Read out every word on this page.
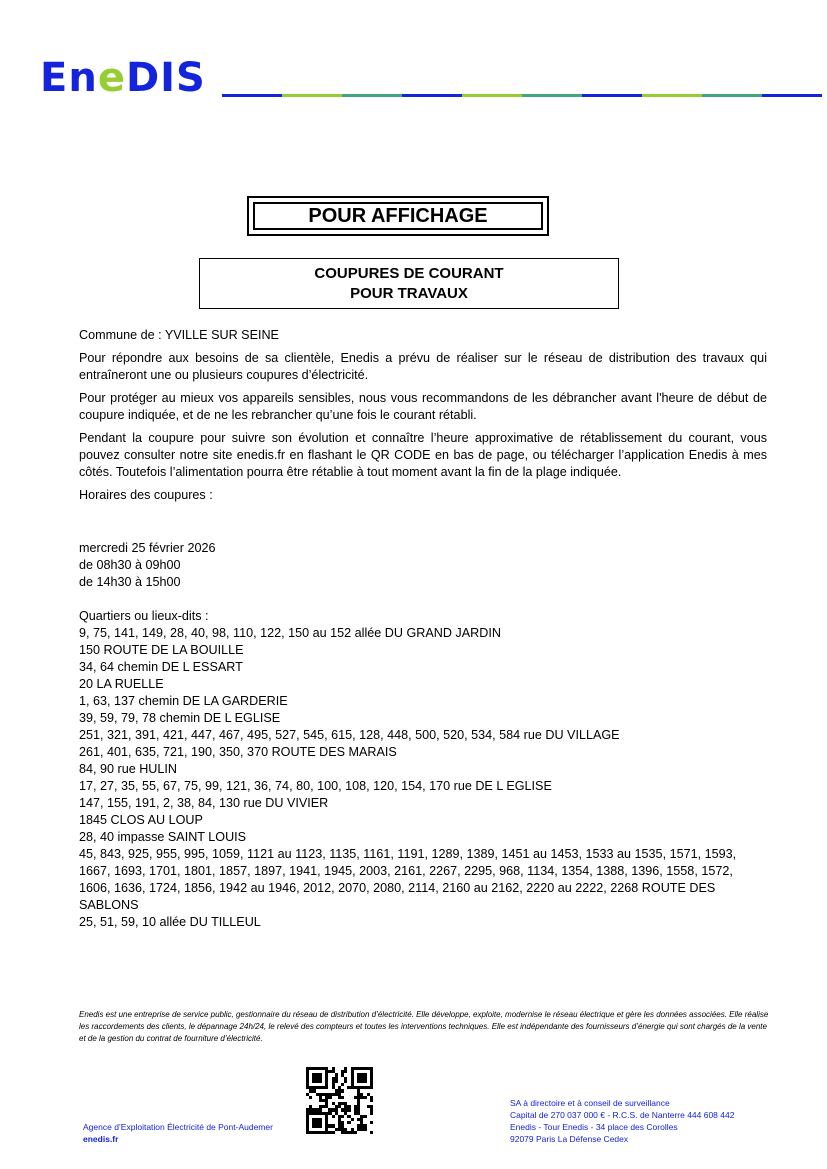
EneDIS
POUR AFFICHAGE
COUPURES DE COURANT
POUR TRAVAUX

Commune de : YVILLE SUR SEINE

Pour répondre aux besoins de sa clientèle, Enedis a prévu de réaliser sur le réseau de distribution des travaux qui entraîneront une ou plusieurs coupures d’électricité.

Pour protéger au mieux vos appareils sensibles, nous vous recommandons de les débrancher avant l'heure de début de coupure indiquée, et de ne les rebrancher qu’une fois le courant rétabli.

Pendant la coupure pour suivre son évolution et connaître l’heure approximative de rétablissement du courant, vous pouvez consulter notre site enedis.fr en flashant le QR CODE en bas de page, ou télécharger l’application Enedis à mes côtés. Toutefois l’alimentation pourra être rétablie à tout moment avant la fin de la plage indiquée.

Horaires des coupures :

mercredi 25 février 2026
de 08h30 à 09h00
de 14h30 à 15h00
Quartiers ou lieux-dits :
9, 75, 141, 149, 28, 40, 98, 110, 122, 150 au 152 allée DU GRAND JARDIN
150 ROUTE DE LA BOUILLE
34, 64 chemin DE L ESSART
20 LA RUELLE
1, 63, 137 chemin DE LA GARDERIE
39, 59, 79, 78 chemin DE L EGLISE
251, 321, 391, 421, 447, 467, 495, 527, 545, 615, 128, 448, 500, 520, 534, 584 rue DU VILLAGE
261, 401, 635, 721, 190, 350, 370 ROUTE DES MARAIS
84, 90 rue HULIN
17, 27, 35, 55, 67, 75, 99, 121, 36, 74, 80, 100, 108, 120, 154, 170 rue DE L EGLISE
147, 155, 191, 2, 38, 84, 130 rue DU VIVIER
1845 CLOS AU LOUP
28, 40 impasse SAINT LOUIS
45, 843, 925, 955, 995, 1059, 1121 au 1123, 1135, 1161, 1191, 1289, 1389, 1451 au 1453, 1533 au 1535, 1571, 1593, 1667, 1693, 1701, 1801, 1857, 1897, 1941, 1945, 2003, 2161, 2267, 2295, 968, 1134, 1354, 1388, 1396, 1558, 1572, 1606, 1636, 1724, 1856, 1942 au 1946, 2012, 2070, 2080, 2114, 2160 au 2162, 2220 au 2222, 2268 ROUTE DES SABLONS
25, 51, 59, 10 allée DU TILLEUL
Enedis est une entreprise de service public, gestionnaire du réseau de distribution d’électricité. Elle développe, exploite, modernise le réseau électrique et gère les données associées. Elle réalise les raccordements des clients, le dépannage 24h/24, le relevé des compteurs et toutes les interventions techniques. Elle est indépendante des fournisseurs d’énergie qui sont chargés de la vente et de la gestion du contrat de fourniture d’électricité.
Agence d’Exploitation Électricité de Pont-Audemer
enedis.fr
SA à directoire et à conseil de surveillance
Capital de 270 037 000 € - R.C.S. de Nanterre 444 608 442
Enedis - Tour Enedis - 34 place des Corolles
92079 Paris La Défense Cedex
